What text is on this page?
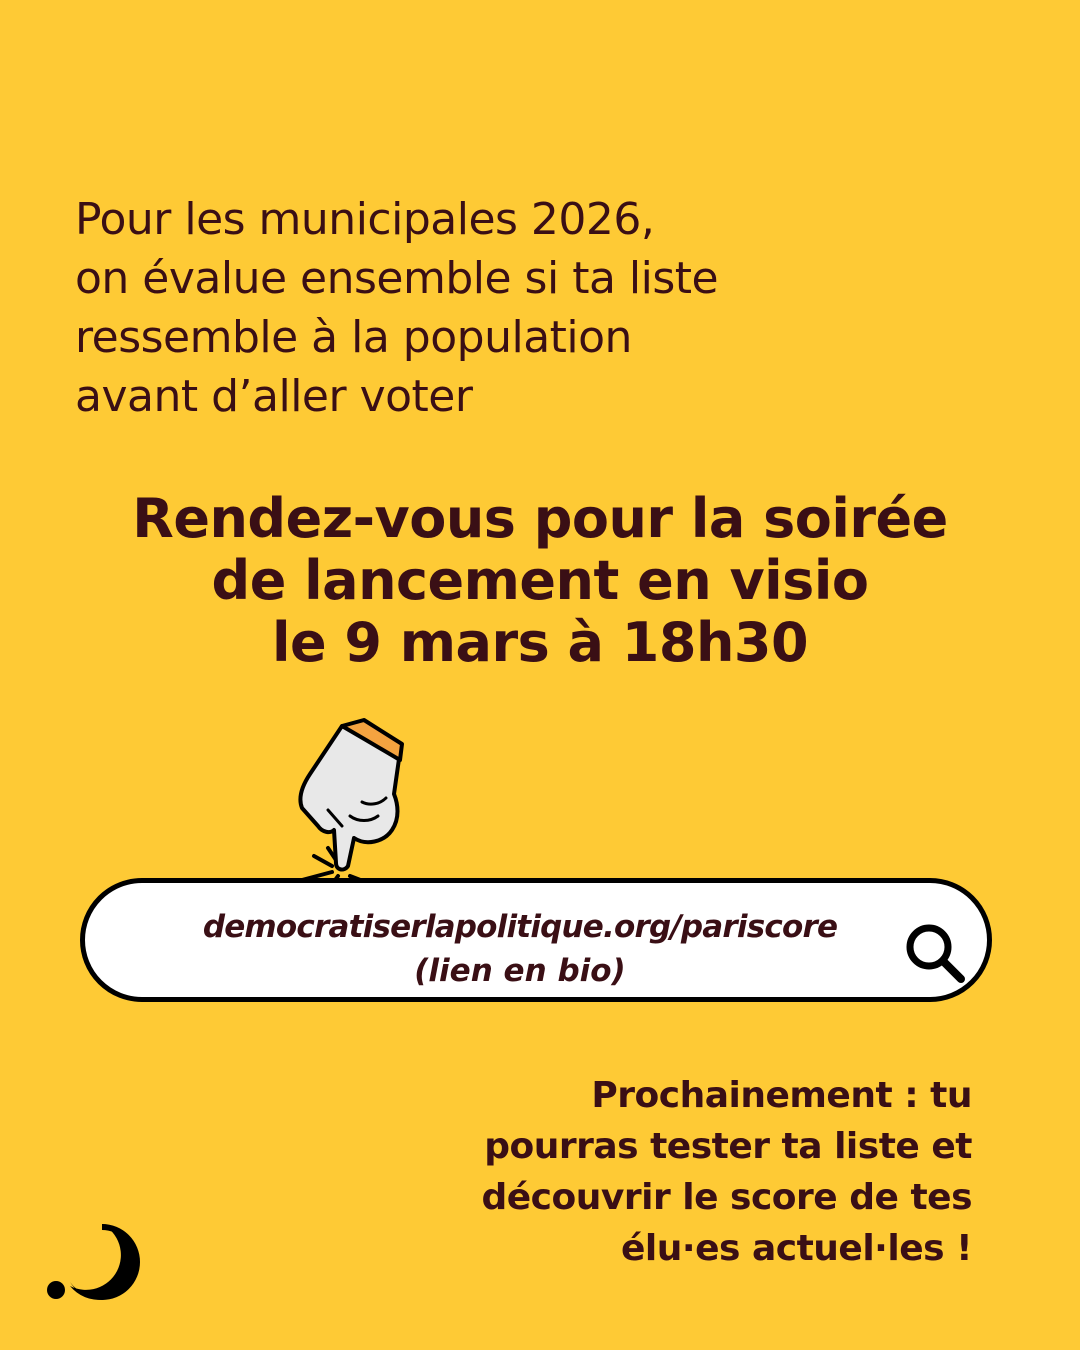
Pour les municipales 2026,
on évalue ensemble si ta liste
ressemble à la population
avant d’aller voter
Rendez-vous pour la soirée
de lancement en visio
le 9 mars à 18h30
democratiserlapolitique.org/pariscore
(lien en bio)
Prochainement : tu
pourras tester ta liste et
découvrir le score de tes
élu·es actuel·les !
